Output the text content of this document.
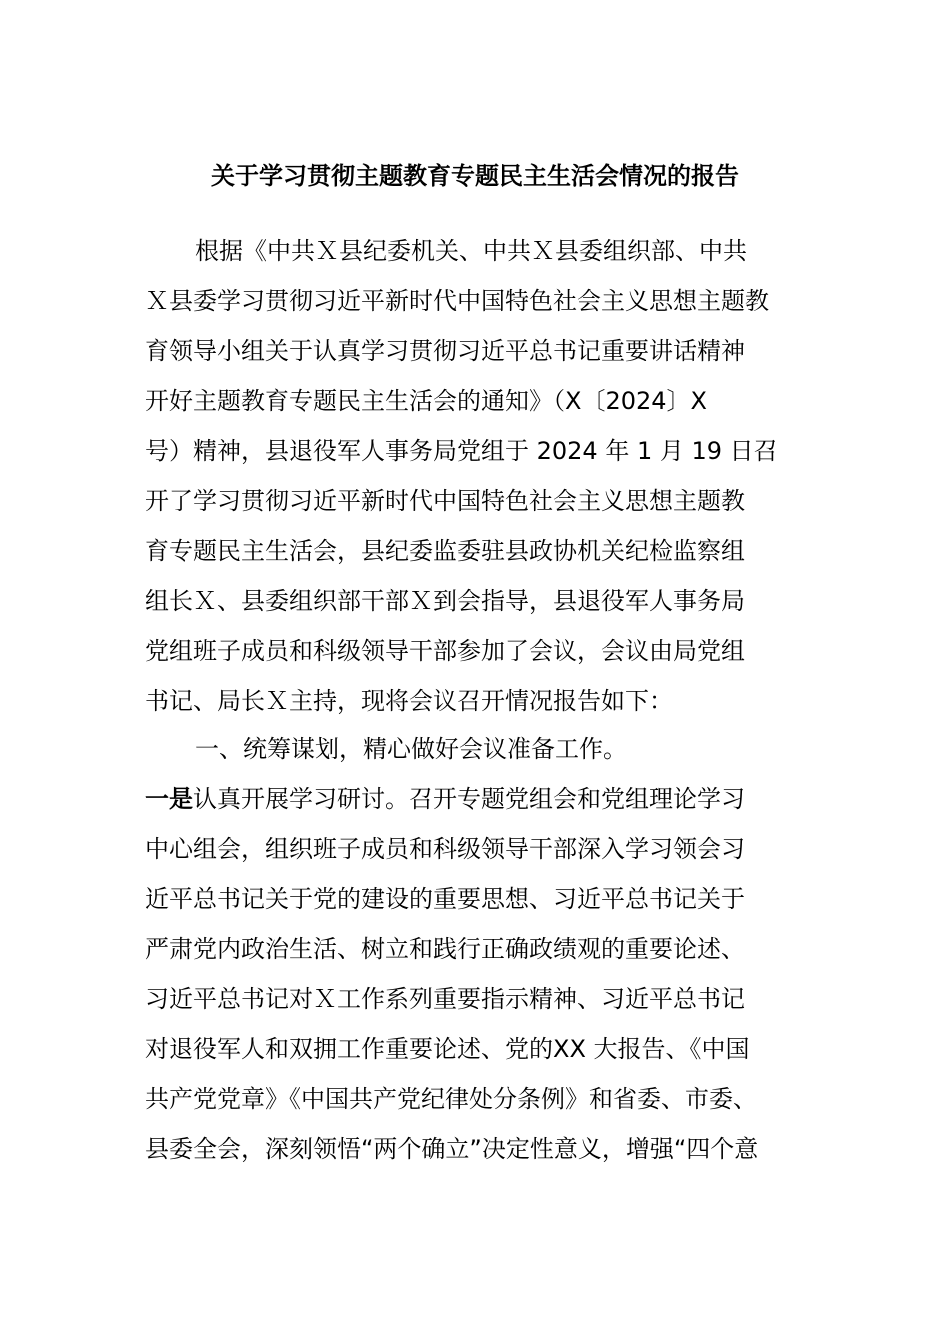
关于学习贯彻主题教育专题民主生活会情况的报告
根据《中共Ｘ县纪委机关、中共Ｘ县委组织部、中共
Ｘ县委学习贯彻习近平新时代中国特色社会主义思想主题教
育领导小组关于认真学习贯彻习近平总书记重要讲话精神
开好主题教育专题民主生活会的通知》（X〔2024〕X
号）精神，县退役军人事务局党组于 2024 年 1 月 19 日召
开了学习贯彻习近平新时代中国特色社会主义思想主题教
育专题民主生活会，县纪委监委驻县政协机关纪检监察组
组长Ｘ、县委组织部干部Ｘ到会指导，县退役军人事务局
党组班子成员和科级领导干部参加了会议，会议由局党组
书记、局长Ｘ主持，现将会议召开情况报告如下：
一、统筹谋划，精心做好会议准备工作。
一是认真开展学习研讨。召开专题党组会和党组理论学习
中心组会，组织班子成员和科级领导干部深入学习领会习
近平总书记关于党的建设的重要思想、习近平总书记关于
严肃党内政治生活、树立和践行正确政绩观的重要论述、
习近平总书记对Ｘ工作系列重要指示精神、习近平总书记
对退役军人和双拥工作重要论述、党的XX 大报告、《中国
共产党党章》《中国共产党纪律处分条例》和省委、市委、
县委全会，深刻领悟“两个确立”决定性意义，增强“四个意
